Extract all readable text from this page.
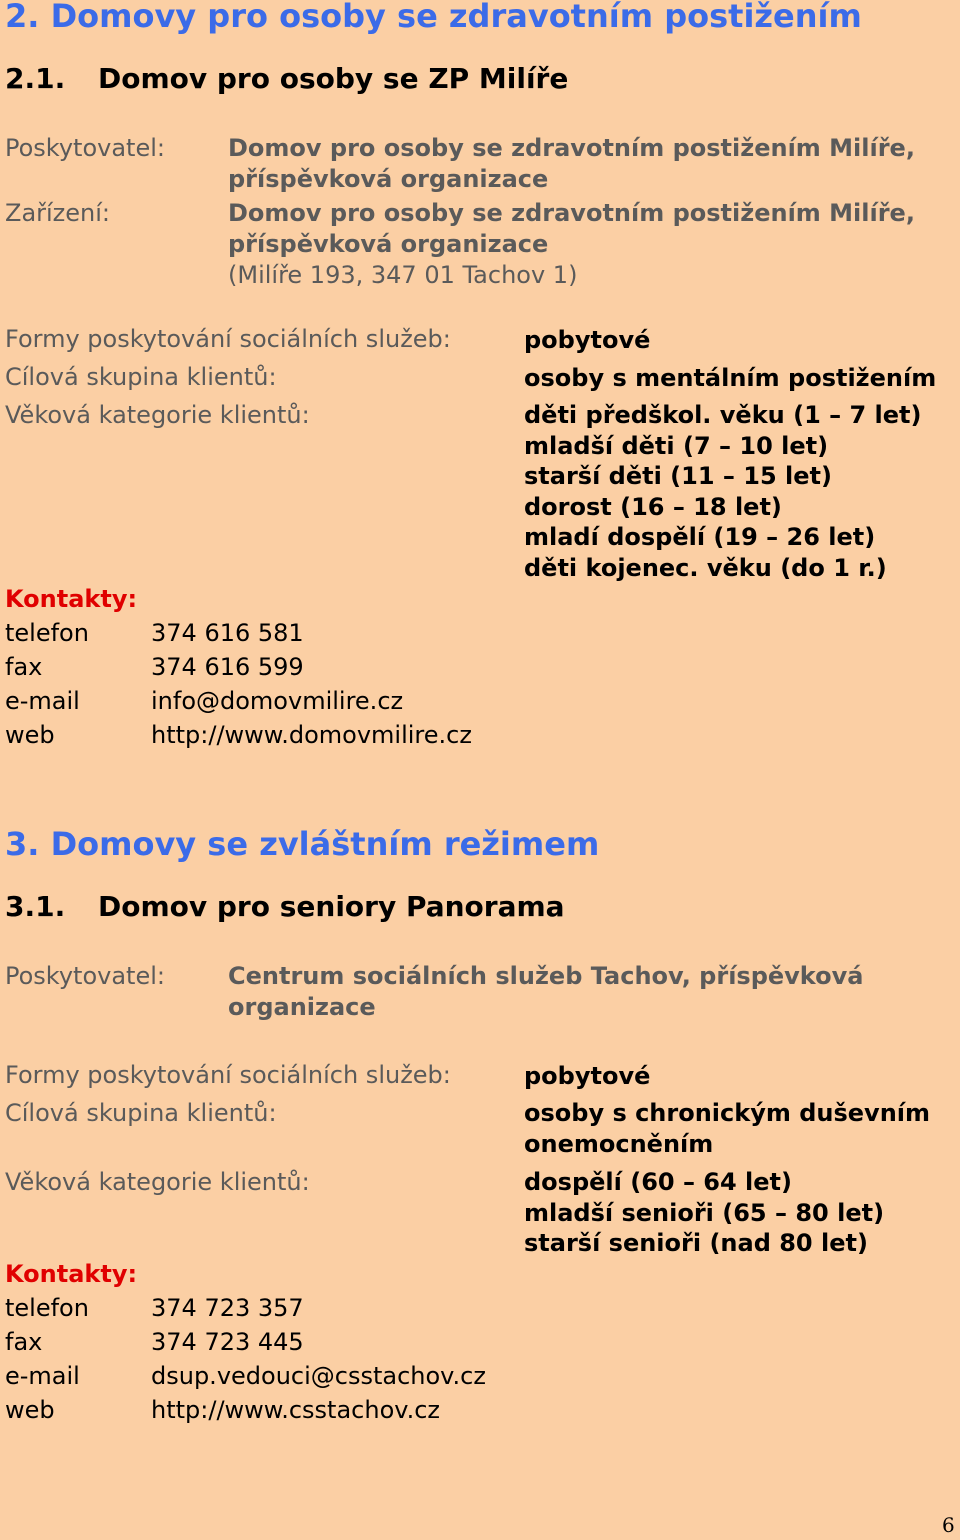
2. Domovy pro osoby se zdravotním postižením
2.1. Domov pro osoby se ZP Milíře
Poskytovatel:	Domov pro osoby se zdravotním postižením Milíře,
příspěvková organizace
Zařízení:	Domov pro osoby se zdravotním postižením Milíře,
příspěvková organizace
(Milíře 193, 347 01 Tachov 1)
Formy poskytování sociálních služeb:	pobytové
Cílová skupina klientů:	osoby s mentálním postižením
Věková kategorie klientů:	děti předškol. věku (1 – 7 let)
mladší děti (7 – 10 let)
starší děti (11 – 15 let)
dorost (16 – 18 let)
mladí dospělí (19 – 26 let)
děti kojenec. věku (do 1 r.)
Kontakty:
telefon	374 616 581
fax	374 616 599
e-mail	info@domovmilire.cz
web	http://www.domovmilire.cz
3. Domovy se zvláštním režimem
3.1. Domov pro seniory Panorama
Poskytovatel:	Centrum sociálních služeb Tachov, příspěvková
organizace
Formy poskytování sociálních služeb:	pobytové
Cílová skupina klientů:	osoby s chronickým duševním
onemocněním
Věková kategorie klientů:	dospělí (60 – 64 let)
mladší senioři (65 – 80 let)
starší senioři (nad 80 let)
Kontakty:
telefon	374 723 357
fax	374 723 445
e-mail	dsup.vedouci@csstachov.cz
web	http://www.csstachov.cz
6
